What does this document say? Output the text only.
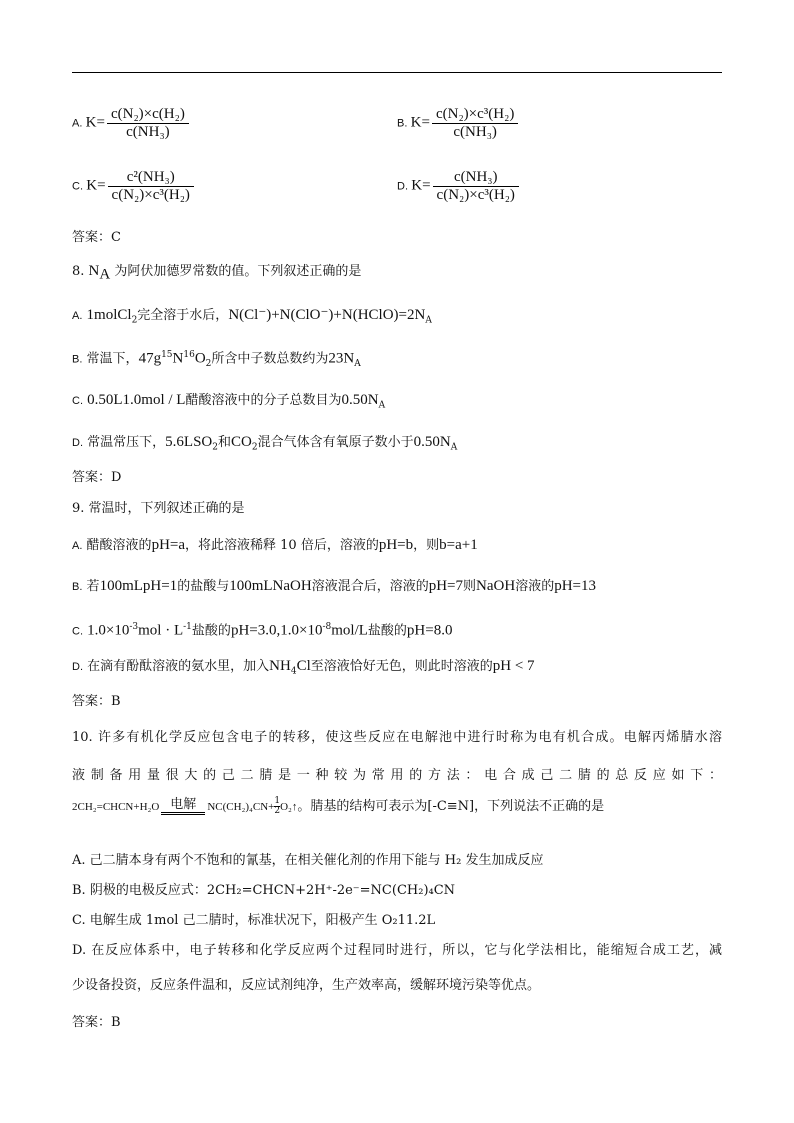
A. $K= \frac{\text{c(N₂)×c(H₂)}}{\text{c(NH₃)}}$	B. $K= \frac{\text{c(N₂)×c³(H₂)}}{\text{c(NH₃)}}$
C. $K= \frac{\text{c²(NH₃)}}{\text{c(N₂)×c³(H₂)}}$	D. $K= \frac{\text{c(NH₃)}}{\text{c(N₂)×c³(H₂)}}$
答案：C
8. $N_A$ 为阿伏加德罗常数的值。下列叙述正确的是
A. 1molCl$_2$完全溶于水后，$N(Cl^-)+N(ClO^-)+N(HClO)=2N_A$
B. 常温下，$47g^{15}N^{16}O_2$所含中子数总数约为$23N_A$
C. 0.50L1.0mol / L醋酸溶液中的分子总数目为$0.50N_A$
D. 常温常压下，$5.6LSO_2$和$CO_2$混合气体含有氧原子数小于$0.50N_A$
答案：D
9. 常温时，下列叙述正确的是
A. 醋酸溶液的pH=a，将此溶液稀释 10 倍后，溶液的pH=b，则b=a+1
B. 若100mLpH=1的盐酸与100mLNaOH溶液混合后，溶液的pH=7则NaOH溶液的pH=13
C. $1.0\times 10^{-3}mol \cdot L^{-1}$盐酸的$pH=3.0,1.0\times 10^{-8}mol/L$盐酸的pH=8.0
D. 在滴有酚酞溶液的氨水里，加入$NH_4Cl$至溶液恰好无色，则此时溶液的pH < 7
答案：B
10. 许多有机化学反应包含电子的转移，使这些反应在电解池中进行时称为电有机合成。电解丙烯腈水溶
液制备用量很大的己二腈是一种较为常用的方法：电合成己二腈的总反应如下：
2CH₂=CHCN+H₂O 电解	$NC(CH_2)_4CN+ \frac{1}{2}$ O₂↑。腈基的结构可表示为[-C≡N]，下列说法不正确的是
A. 己二腈本身有两个不饱和的氰基，在相关催化剂的作用下能与 H₂ 发生加成反应
B. 阴极的电极反应式：2CH₂=CHCN+2H⁺-2e⁻=NC(CH₂)₄CN
C. 电解生成 1mol 己二腈时，标准状况下，阳极产生 O₂11.2L
D. 在反应体系中，电子转移和化学反应两个过程同时进行，所以，它与化学法相比，能缩短合成工艺，减
少设备投资，反应条件温和，反应试剂纯净，生产效率高，缓解环境污染等优点。
答案：B
